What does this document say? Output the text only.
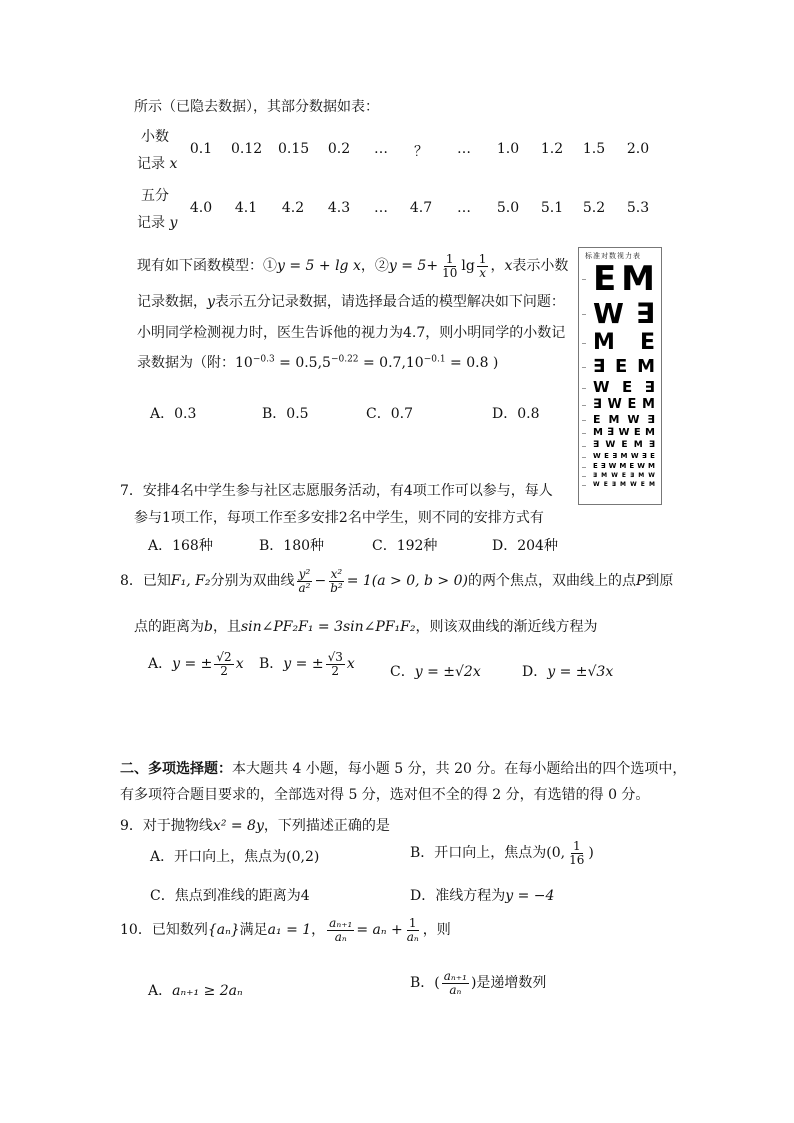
所示（已隐去数据），其部分数据如表：
小数
记录 x
五分
记录 y
0.1 0.12 0.15 0.2	…	？	…	1.0 1.2 1.5 2.0
4.0 4.1 4.2 4.3	…	4.7	…	5.0 5.1 5.2 5.3
现有如下函数模型：①y = 5 + lg x，②y = $5+ \frac{1}{10}$ $\lg \frac{1}{x}$ ，x表示小数
记录数据，y表示五分记录数据，请选择最合适的模型解决如下问题：
小明同学检测视力时，医生告诉他的视力为4.7，则小明同学的小数记
录数据为（附：$10^{-0.3} = 0.5,5^{-0.22} = 0.7,10^{-0.1} = 0.8$ )
A．0.3	B．0.5	C．0.7	D．0.8
标准对数视力表
E M
W ∃
M E
∃ E M
W E ∃
∃ W E M
E M W ∃
M ∃ W E M
∃ W E M ∃
W E ∃ M W ∃ E
E ∃ W M E W M
∃ M W E ∃ M W
W E ∃ M W E M
7．安排4名中学生参与社区志愿服务活动，有4项工作可以参与，每人
参与1项工作，每项工作至多安排2名中学生，则不同的安排方式有
A．168种	B．180种	C．192种	D．204种
8．已知F₁, F₂分别为双曲线 $\frac{\text{y²}}{\text{a²}} - \frac{\text{x²}}{\text{b²}} = 1(a > 0$, b > 0)的两个焦点，双曲线上的点P到原
点的距离为b，且sin∠PF₂F₁ = 3sin∠PF₁F₂，则该双曲线的渐近线方程为
A．y = ± $\frac{√2}{2}$ x B．y = ± $\frac{√3}{2}$ x	C．y = ±√2x	D．y = ±√3x
二、多项选择题：本大题共 4 小题，每小题 5 分，共 20 分。在每小题给出的四个选项中，
有多项符合题目要求的，全部选对得 5 分，选对但不全的得 2 分，有选错的得 0 分。
9．对于抛物线x² = 8y，下列描述正确的是
A．开口向上，焦点为(0,2)	B．开口向上，焦点为(0, $\frac{1}{16}$ )
C．焦点到准线的距离为4	D．准线方程为y = −4
10．已知数列{aₙ}满足a₁ = 1， $\frac{\text{aₙ₊₁}}{\text{aₙ}} = a_n + \frac{1}{\text{aₙ}}$ ，则
A．aₙ₊₁ ≥ 2aₙ	B．( $\frac{\text{aₙ₊₁}}{\text{aₙ}}$ )是递增数列
